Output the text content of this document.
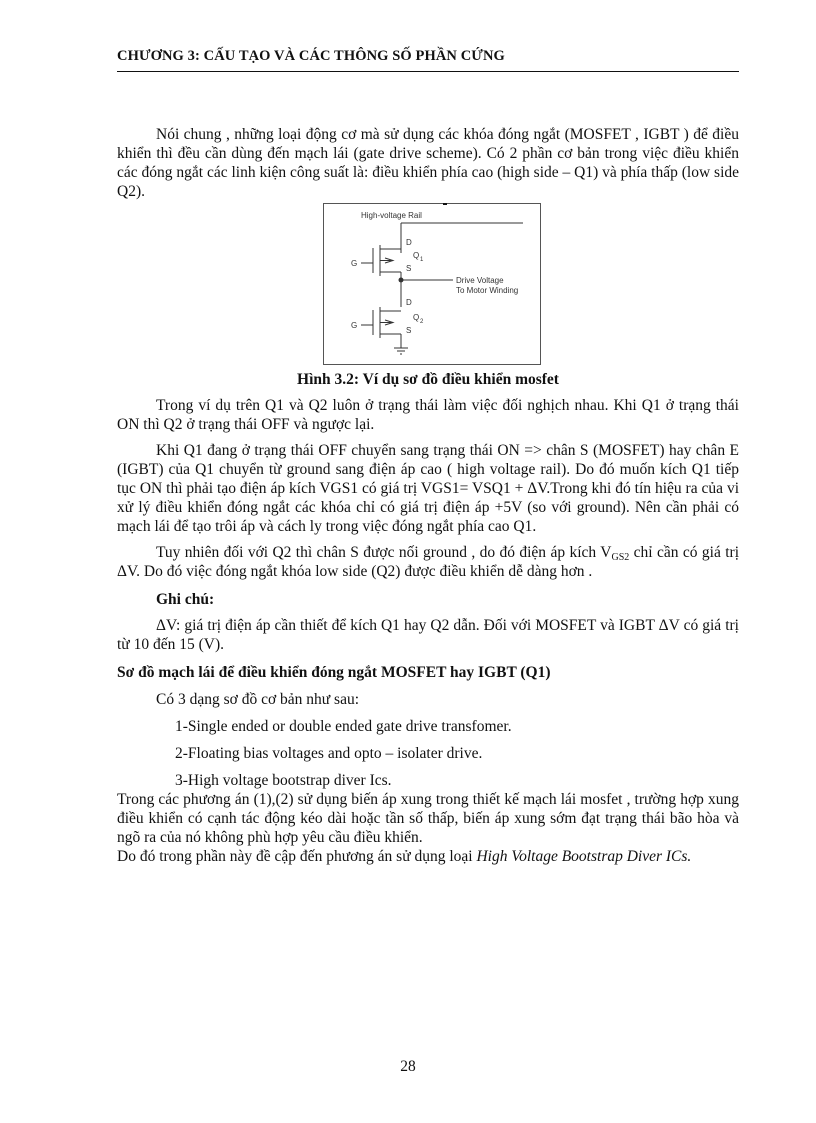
CHƯƠNG 3: CẤU TẠO VÀ CÁC THÔNG SỐ PHẦN CỨNG

Nói chung , những loại động cơ mà sử dụng các khóa đóng ngắt (MOSFET , IGBT ) để điều khiển thì đều cần dùng đến mạch lái (gate drive scheme). Có 2 phần cơ bản trong việc điều khiển các đóng ngắt các linh kiện công suất là: điều khiển phía cao (high side – Q1) và phía thấp (low side Q2).

High-voltage Rail
D
Q 1
S
G
Drive Voltage
To Motor Winding
D
Q 2
S
G

Hình 3.2: Ví dụ sơ đồ điều khiển mosfet

Trong ví dụ trên Q1 và Q2 luôn ở trạng thái làm việc đối nghịch nhau. Khi Q1 ở trạng thái ON thì Q2 ở trạng thái OFF và ngược lại.

Khi Q1 đang ở trạng thái OFF chuyển sang trạng thái ON => chân S (MOSFET) hay chân E (IGBT) của Q1 chuyển từ ground sang điện áp cao ( high voltage rail). Do đó muốn kích Q1 tiếp tục ON thì phải tạo điện áp kích VGS1 có giá trị VGS1= VSQ1 + ΔV.Trong khi đó tín hiệu ra của vi xử lý điều khiển đóng ngắt các khóa chỉ có giá trị điện áp +5V (so với ground). Nên cần phải có mạch lái để tạo trôi áp và cách ly trong việc đóng ngắt phía cao Q1.

Tuy nhiên đối với Q2 thì chân S được nối ground , do đó điện áp kích $V_{GS2}$ chỉ cần có giá trị ΔV. Do đó việc đóng ngắt khóa low side (Q2) được điều khiển dễ dàng hơn .

Ghi chú:

ΔV: giá trị điện áp cần thiết để kích Q1 hay Q2 dẫn. Đối với MOSFET và IGBT ΔV có giá trị từ 10 đến 15 (V).

Sơ đồ mạch lái để điều khiển đóng ngắt MOSFET hay IGBT (Q1)

Có 3 dạng sơ đồ cơ bản như sau:

1-Single ended or double ended gate drive transfomer.

2-Floating bias voltages and opto – isolater drive.

3-High voltage bootstrap diver Ics.

Trong các phương án (1),(2) sử dụng biến áp xung trong thiết kế mạch lái mosfet , trường hợp xung điều khiển có cạnh tác động kéo dài hoặc tần số thấp, biến áp xung sớm đạt trạng thái bão hòa và ngõ ra của nó không phù hợp yêu cầu điều khiển.

Do đó trong phần này đề cập đến phương án sử dụng loại High Voltage Bootstrap Diver ICs.

28
